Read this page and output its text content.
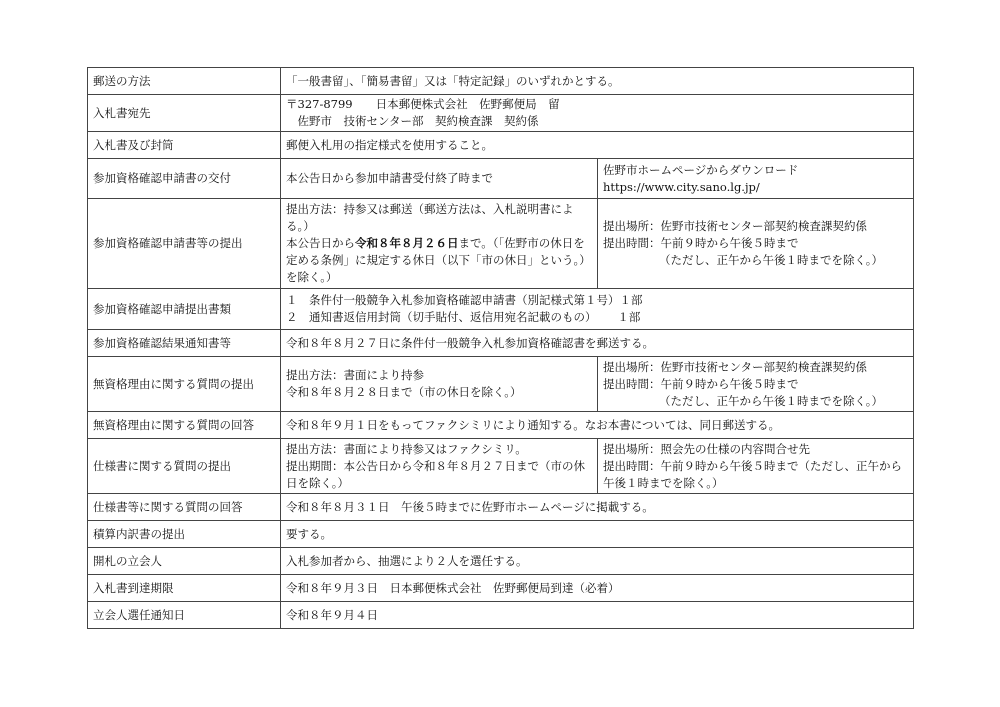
郵送の方法	「一般書留」、「簡易書留」又は「特定記録」のいずれかとする。	
入札書宛先	〒327-8799　　日本郵便株式会社　佐野郵便局　留
　佐野市　技術センター部　契約検査課　契約係	

入札書及び封筒	郵便入札用の指定様式を使用すること。	
参加資格確認申請書の交付	本公告日から参加申請書受付終了時まで	佐野市ホームページからダウンロード
https://www.city.sano.lg.jp/

参加資格確認申請書等の提出	提出方法：持参又は郵送（郵送方法は、入札説明書による。）
本公告日から令和８年８月２６日まで。（「佐野市の休日を定める条例」に規定する休日（以下「市の休日」という。）を除く。）	提出場所：佐野市技術センター部契約検査課契約係
提出時間：午前９時から午後５時まで
（ただし、正午から午後１時までを除く。）

参加資格確認申請提出書類	１　条件付一般競争入札参加資格確認申請書（別記様式第１号）１部
２　通知書返信用封筒（切手貼付、返信用宛名記載のもの）　　 １部	

参加資格確認結果通知書等	令和８年８月２７日に条件付一般競争入札参加資格確認書を郵送する。	
無資格理由に関する質問の提出	提出方法：書面により持参
令和８年８月２８日まで（市の休日を除く。）	提出場所：佐野市技術センター部契約検査課契約係
提出時間：午前９時から午後５時まで
（ただし、正午から午後１時までを除く。）

無資格理由に関する質問の回答	令和８年９月１日をもってファクシミリにより通知する。なお本書については、同日郵送する。	
仕様書に関する質問の提出	提出方法：書面により持参又はファクシミリ。
提出期間：本公告日から令和８年８月２７日まで（市の休日を除く。）	提出場所：照会先の仕様の内容問合せ先
提出時間：午前９時から午後５時まで（ただし、正午から午後１時までを除く。）

仕様書等に関する質問の回答	令和８年８月３１日　午後５時までに佐野市ホームページに掲載する。	
積算内訳書の提出	要する。	
開札の立会人	入札参加者から、抽選により２人を選任する。	
入札書到達期限	令和８年９月３日　日本郵便株式会社　佐野郵便局到達（必着）	
立会人選任通知日	令和８年９月４日	
